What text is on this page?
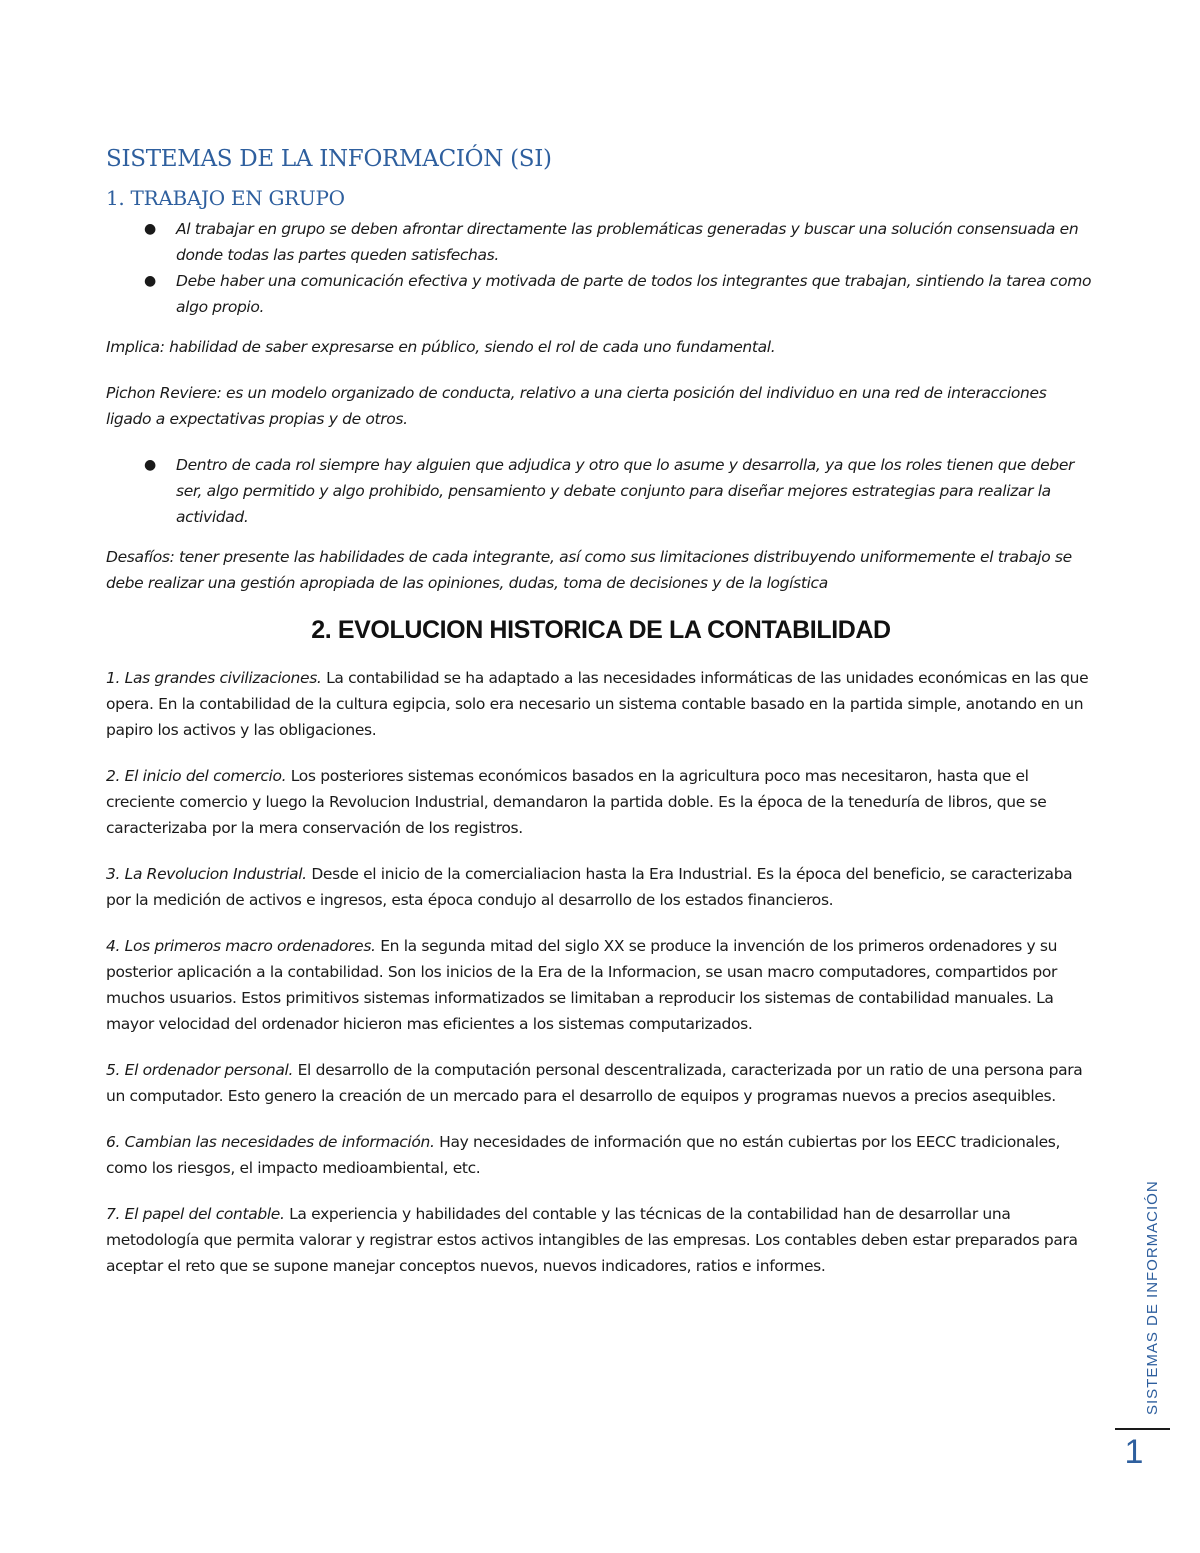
SISTEMAS DE LA INFORMACIÓN (SI)
1. TRABAJO EN GRUPO
● Al trabajar en grupo se deben afrontar directamente las problemáticas generadas y buscar una solución consensuada en donde todas las partes queden satisfechas.
● Debe haber una comunicación efectiva y motivada de parte de todos los integrantes que trabajan, sintiendo la tarea como algo propio.

Implica: habilidad de saber expresarse en público, siendo el rol de cada uno fundamental.

Pichon Reviere: es un modelo organizado de conducta, relativo a una cierta posición del individuo en una red de interacciones ligado a expectativas propias y de otros.

● Dentro de cada rol siempre hay alguien que adjudica y otro que lo asume y desarrolla, ya que los roles tienen que deber ser, algo permitido y algo prohibido, pensamiento y debate conjunto para diseñar mejores estrategias para realizar la actividad.

Desafíos: tener presente las habilidades de cada integrante, así como sus limitaciones distribuyendo uniformemente el trabajo se debe realizar una gestión apropiada de las opiniones, dudas, toma de decisiones y de la logística

2. EVOLUCION HISTORICA DE LA CONTABILIDAD

1. Las grandes civilizaciones. La contabilidad se ha adaptado a las necesidades informáticas de las unidades económicas en las que opera. En la contabilidad de la cultura egipcia, solo era necesario un sistema contable basado en la partida simple, anotando en un papiro los activos y las obligaciones.

2. El inicio del comercio. Los posteriores sistemas económicos basados en la agricultura poco mas necesitaron, hasta que el creciente comercio y luego la Revolucion Industrial, demandaron la partida doble. Es la época de la teneduría de libros, que se caracterizaba por la mera conservación de los registros.

3. La Revolucion Industrial. Desde el inicio de la comercialiacion hasta la Era Industrial. Es la época del beneficio, se caracterizaba por la medición de activos e ingresos, esta época condujo al desarrollo de los estados financieros.

4. Los primeros macro ordenadores. En la segunda mitad del siglo XX se produce la invención de los primeros ordenadores y su posterior aplicación a la contabilidad. Son los inicios de la Era de la Informacion, se usan macro computadores, compartidos por muchos usuarios. Estos primitivos sistemas informatizados se limitaban a reproducir los sistemas de contabilidad manuales. La mayor velocidad del ordenador hicieron mas eficientes a los sistemas computarizados.

5. El ordenador personal. El desarrollo de la computación personal descentralizada, caracterizada por un ratio de una persona para un computador. Esto genero la creación de un mercado para el desarrollo de equipos y programas nuevos a precios asequibles.

6. Cambian las necesidades de información. Hay necesidades de información que no están cubiertas por los EECC tradicionales, como los riesgos, el impacto medioambiental, etc.

7. El papel del contable. La experiencia y habilidades del contable y las técnicas de la contabilidad han de desarrollar una metodología que permita valorar y registrar estos activos intangibles de las empresas. Los contables deben estar preparados para aceptar el reto que se supone manejar conceptos nuevos, nuevos indicadores, ratios e informes.	SISTEMAS DE INFORMACIÓN
1
